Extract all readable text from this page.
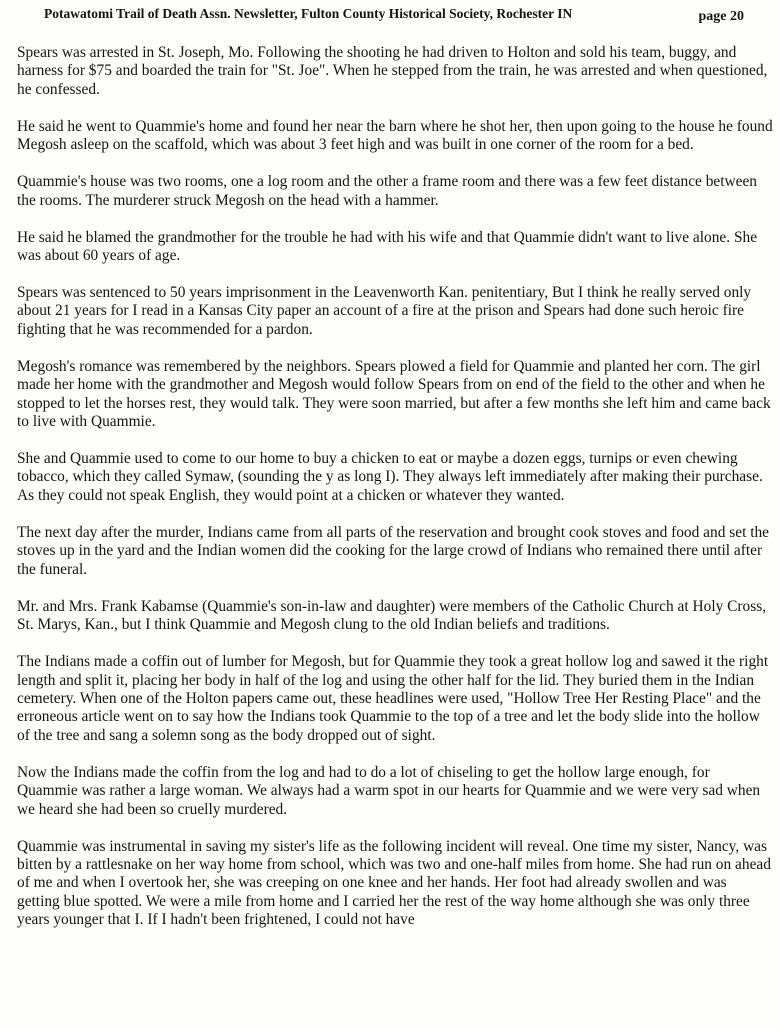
Potawatomi Trail of Death Assn. Newsletter, Fulton County Historical Society, Rochester IN	page 20

Spears was arrested in St. Joseph, Mo. Following the shooting he had driven to Holton and sold his team, buggy, and harness for $75 and boarded the train for "St. Joe". When he stepped from the train, he was arrested and when questioned, he confessed.

He said he went to Quammie's home and found her near the barn where he shot her, then upon going to the house he found Megosh asleep on the scaffold, which was about 3 feet high and was built in one corner of the room for a bed.

Quammie's house was two rooms, one a log room and the other a frame room and there was a few feet distance between the rooms. The murderer struck Megosh on the head with a hammer.

He said he blamed the grandmother for the trouble he had with his wife and that Quammie didn't want to live alone. She was about 60 years of age.

Spears was sentenced to 50 years imprisonment in the Leavenworth Kan. penitentiary, But I think he really served only about 21 years for I read in a Kansas City paper an account of a fire at the prison and Spears had done such heroic fire fighting that he was recommended for a pardon.

Megosh's romance was remembered by the neighbors. Spears plowed a field for Quammie and planted her corn. The girl made her home with the grandmother and Megosh would follow Spears from on end of the field to the other and when he stopped to let the horses rest, they would talk. They were soon married, but after a few months she left him and came back to live with Quammie.

She and Quammie used to come to our home to buy a chicken to eat or maybe a dozen eggs, turnips or even chewing tobacco, which they called Symaw, (sounding the y as long I). They always left immediately after making their purchase. As they could not speak English, they would point at a chicken or whatever they wanted.

The next day after the murder, Indians came from all parts of the reservation and brought cook stoves and food and set the stoves up in the yard and the Indian women did the cooking for the large crowd of Indians who remained there until after the funeral.

Mr. and Mrs. Frank Kabamse (Quammie's son-in-law and daughter) were members of the Catholic Church at Holy Cross, St. Marys, Kan., but I think Quammie and Megosh clung to the old Indian beliefs and traditions.

The Indians made a coffin out of lumber for Megosh, but for Quammie they took a great hollow log and sawed it the right length and split it, placing her body in half of the log and using the other half for the lid. They buried them in the Indian cemetery. When one of the Holton papers came out, these headlines were used, "Hollow Tree Her Resting Place" and the erroneous article went on to say how the Indians took Quammie to the top of a tree and let the body slide into the hollow of the tree and sang a solemn song as the body dropped out of sight.

Now the Indians made the coffin from the log and had to do a lot of chiseling to get the hollow large enough, for Quammie was rather a large woman. We always had a warm spot in our hearts for Quammie and we were very sad when we heard she had been so cruelly murdered.

Quammie was instrumental in saving my sister's life as the following incident will reveal. One time my sister, Nancy, was bitten by a rattlesnake on her way home from school, which was two and one-half miles from home. She had run on ahead of me and when I overtook her, she was creeping on one knee and her hands. Her foot had already swollen and was getting blue spotted. We were a mile from home and I carried her the rest of the way home although she was only three years younger that I. If I hadn't been frightened, I could not have
